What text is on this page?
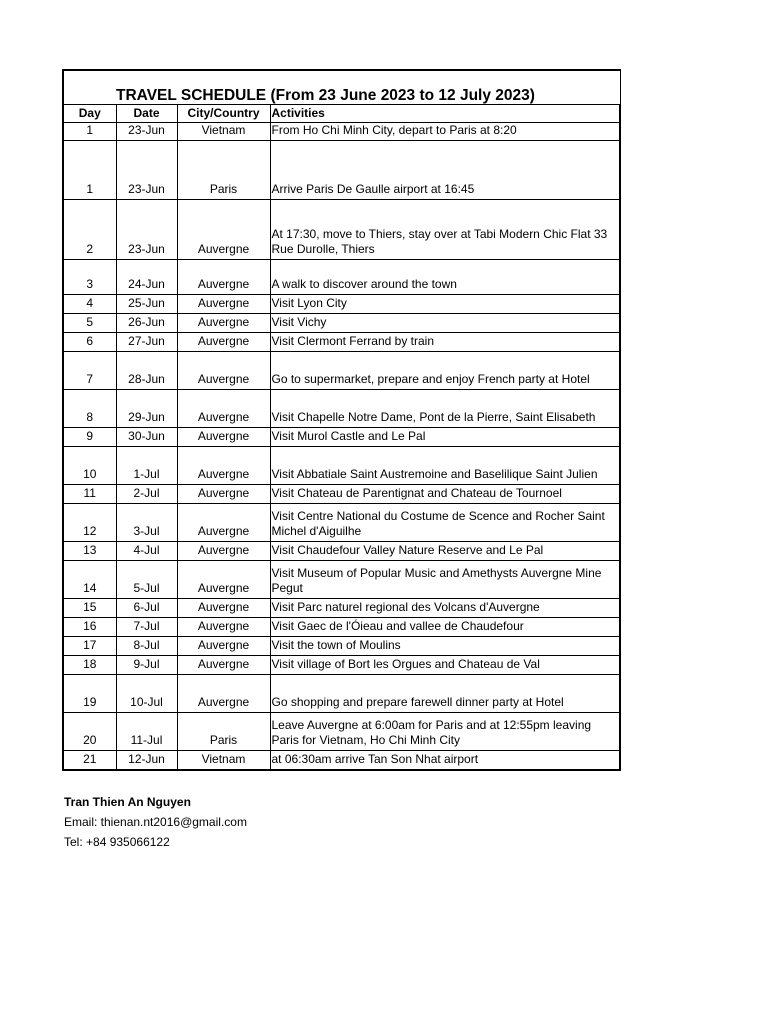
TRAVEL SCHEDULE (From 23 June 2023 to 12 July 2023)			
Day	Date	City/Country	Activities
1	23-Jun	Vietnam	From Ho Chi Minh City, depart to Paris at 8:20
1	23-Jun	Paris	Arrive Paris De Gaulle airport at 16:45
2	23-Jun	Auvergne	At 17:30, move to Thiers, stay over at Tabi Modern Chic Flat 33 Rue Durolle, Thiers
3	24-Jun	Auvergne	A walk to discover around the town
4	25-Jun	Auvergne	Visit Lyon City
5	26-Jun	Auvergne	Visit Vichy
6	27-Jun	Auvergne	Visit Clermont Ferrand by train
7	28-Jun	Auvergne	Go to supermarket, prepare and enjoy French party at Hotel
8	29-Jun	Auvergne	Visit Chapelle Notre Dame, Pont de la Pierre, Saint Elisabeth
9	30-Jun	Auvergne	Visit Murol Castle and Le Pal
10	1-Jul	Auvergne	Visit Abbatiale Saint Austremoine and Baselilique Saint Julien
11	2-Jul	Auvergne	Visit Chateau de Parentignat and Chateau de Tournoel
12	3-Jul	Auvergne	Visit Centre National du Costume de Scence and Rocher Saint Michel d'Aiguilhe
13	4-Jul	Auvergne	Visit Chaudefour Valley Nature Reserve and Le Pal
14	5-Jul	Auvergne	Visit Museum of Popular Music and Amethysts Auvergne Mine Pegut
15	6-Jul	Auvergne	Visit Parc naturel regional des Volcans d'Auvergne
16	7-Jul	Auvergne	Visit Gaec de l'Óieau and vallee de Chaudefour
17	8-Jul	Auvergne	Visit the town of Moulins
18	9-Jul	Auvergne	Visit village of Bort les Orgues and Chateau de Val
19	10-Jul	Auvergne	Go shopping and prepare farewell dinner party at Hotel
20	11-Jul	Paris	Leave Auvergne at 6:00am for Paris and at 12:55pm leaving Paris for Vietnam, Ho Chi Minh City
21	12-Jun	Vietnam	at 06:30am arrive Tan Son Nhat airport
Tran Thien An Nguyen
Email: thienan.nt2016@gmail.com
Tel: +84 935066122
